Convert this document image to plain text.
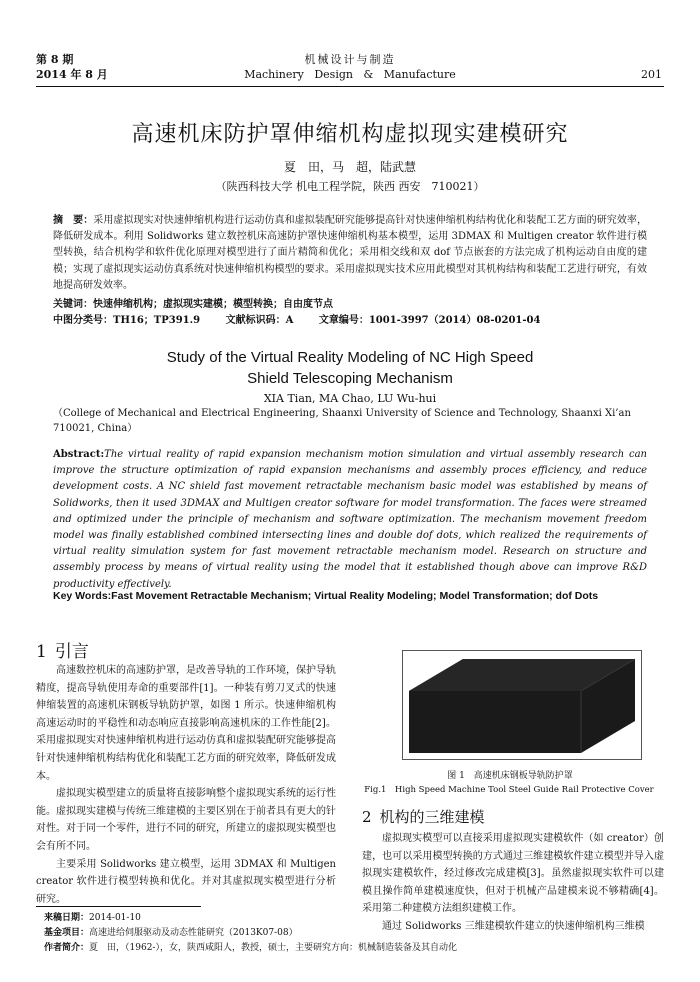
第 8 期
2014 年 8 月
机械设计与制造
Machinery   Design   &   Manufacture	201
高速机床防护罩伸缩机构虚拟现实建模研究
夏　田，马　超，陆武慧
（陕西科技大学 机电工程学院，陕西 西安　710021）
摘　要：采用虚拟现实对快速伸缩机构进行运动仿真和虚拟装配研究能够提高针对快速伸缩机构结构优化和装配工艺方面的研究效率，降低研发成本。利用 Solidworks 建立数控机床高速防护罩快速伸缩机构基本模型，运用 3DMAX 和 Multigen creator 软件进行模型转换，结合机构学和软件优化原理对模型进行了面片精简和优化；采用相交线和双 dof 节点嵌套的方法完成了机构运动自由度的建模；实现了虚拟现实运动仿真系统对快速伸缩机构模型的要求。采用虚拟现实技术应用此模型对其机构结构和装配工艺进行研究，有效地提高研发效率。
关键词：快速伸缩机构；虚拟现实建模；模型转换；自由度节点
中图分类号：TH16；TP391.9	文献标识码：A	文章编号：1001-3997（2014）08-0201-04
Study of the Virtual Reality Modeling of NC High Speed
Shield Telescoping Mechanism
XIA Tian, MA Chao, LU Wu-hui
（College of Mechanical and Electrical Engineering, Shaanxi University of Science and Technology, Shaanxi Xi’an　710021, China）
Abstract:The virtual reality of rapid expansion mechanism motion simulation and virtual assembly research can improve the structure optimization of rapid expansion mechanisms and assembly proces efficiency, and reduce development costs. A NC shield fast movement retractable mechanism basic model was established by means of Solidworks, then it used 3DMAX and Multigen creator software for model transformation. The faces were streamed and optimized under the principle of mechanism and software optimization. The mechanism movement freedom model was finally established combined intersecting lines and double dof dots, which realized the requirements of virtual reality simulation system for fast movement retractable mechanism model. Research on structure and assembly process by means of virtual reality using the model that it established though above can improve R&D productivity effectively.
Key Words:Fast Movement Retractable Mechanism; Virtual Reality Modeling; Model Transformation; dof Dots
1 引言

高速数控机床的高速防护罩，是改善导轨的工作环境，保护导轨精度，提高导轨使用寿命的重要部件[1]。一种装有剪刀叉式的快速伸缩装置的高速机床钢板导轨防护罩，如图 1 所示。快速伸缩机构高速运动时的平稳性和动态响应直接影响高速机床的工作性能[2]。采用虚拟现实对快速伸缩机构进行运动仿真和虚拟装配研究能够提高针对快速伸缩机构结构优化和装配工艺方面的研究效率，降低研发成本。

虚拟现实模型建立的质量将直接影响整个虚拟现实系统的运行性能。虚拟现实建模与传统三维建模的主要区别在于前者具有更大的针对性。对于同一个零件，进行不同的研究，所建立的虚拟现实模型也会有所不同。

主要采用 Solidworks 建立模型，运用 3DMAX 和 Multigen creator 软件进行模型转换和优化。并对其虚拟现实模型进行分析研究。

图 1　高速机床钢板导轨防护罩
Fig.1　High Speed Machine Tool Steel Guide Rail Protective Cover
2 机构的三维建模

虚拟现实模型可以直接采用虚拟现实建模软件（如 creator）创建，也可以采用模型转换的方式通过三维建模软件建立模型并导入虚拟现实建模软件，经过修改完成建模[3]。虽然虚拟现实软件可以建模且操作简单建模速度快，但对于机械产品建模来说不够精确[4]。采用第二种建模方法组织建模工作。

通过 Solidworks 三维建模软件建立的快速伸缩机构三维模

来稿日期：2014-01-10
基金项目：高速进给伺服驱动及动态性能研究（2013K07-08）
作者简介：夏　田，（1962-），女，陕西咸阳人，教授，硕士，主要研究方向：机械制造装备及其自动化
